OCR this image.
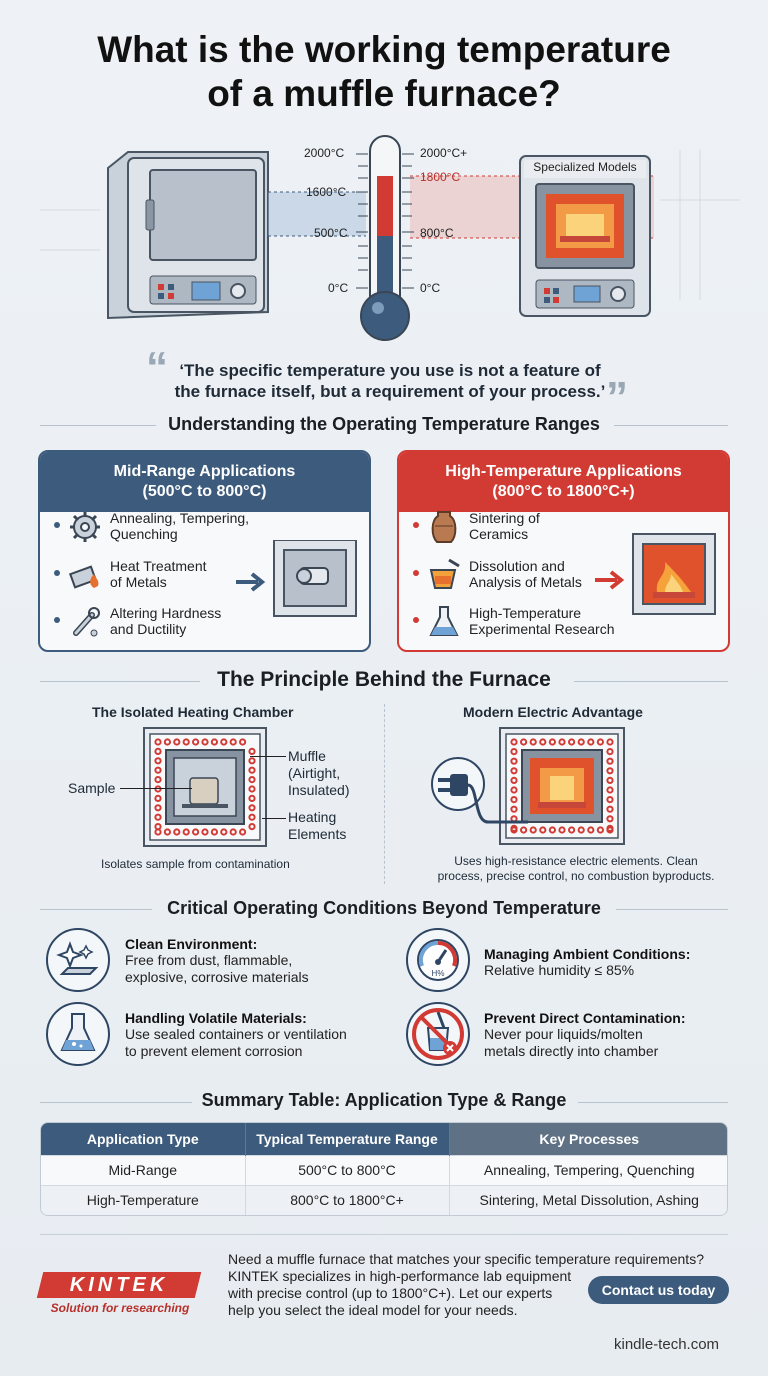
What is the working temperature
of a muffle furnace?
2000°C
1600°C
500°C
0°C
2000°C+
1800°C
800°C
0°C
Specialized Models
“ ‘The specific temperature you use is not a feature of
the furnace itself, but a requirement of your process.’ ”
Understanding the Operating Temperature Ranges
Mid-Range Applications
(500°C to 800°C)
Annealing, Tempering,
Quenching
Heat Treatment
of Metals
Altering Hardness
and Ductility
High-Temperature Applications
(800°C to 1800°C+)
Sintering of
Ceramics
Dissolution and
Analysis of Metals
High-Temperature
Experimental Research
The Principle Behind the Furnace
The Isolated Heating Chamber	Modern Electric Advantage
Sample
Muffle
(Airtight,
Insulated)
Heating
Elements
Isolates sample from contamination	Uses high-resistance electric elements. Clean
process, precise control, no combustion byproducts.
Critical Operating Conditions Beyond Temperature
Clean Environment:
Free from dust, flammable,
explosive, corrosive materials	H%
Managing Ambient Conditions:
Relative humidity ≤ 85%
Handling Volatile Materials:
Use sealed containers or ventilation
to prevent element corrosion
Prevent Direct Contamination:
Never pour liquids/molten
metals directly into chamber
Summary Table: Application Type & Range
Application Type	Typical Temperature Range	Key Processes
Mid-Range	500°C to 800°C	Annealing, Tempering, Quenching
High-Temperature	800°C to 1800°C+	Sintering, Metal Dissolution, Ashing
KINTEK
Solution for researching
Need a muffle furnace that matches your specific temperature requirements?
KINTEK specializes in high-performance lab equipment
with precise control (up to 1800°C+). Let our experts
help you select the ideal model for your needs.
Contact us today
kindle-tech.com
